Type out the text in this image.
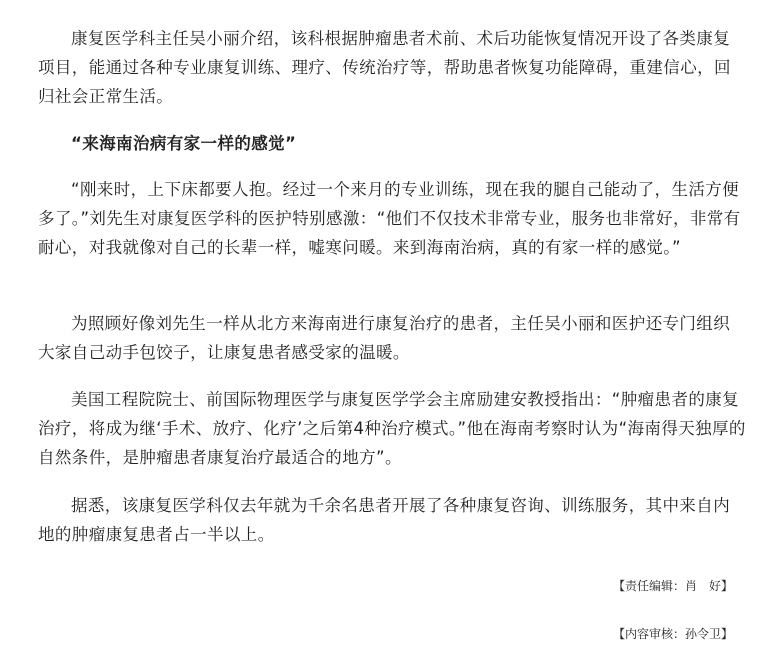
康复医学科主任吴小丽介绍，该科根据肿瘤患者术前、术后功能恢复情况开设了各类康复项目，能通过各种专业康复训练、理疗、传统治疗等，帮助患者恢复功能障碍，重建信心，回归社会正常生活。

“来海南治病有家一样的感觉”

“刚来时，上下床都要人抱。经过一个来月的专业训练，现在我的腿自己能动了，生活方便多了。”刘先生对康复医学科的医护特别感激：“他们不仅技术非常专业，服务也非常好，非常有耐心，对我就像对自己的长辈一样，嘘寒问暖。来到海南治病，真的有家一样的感觉。”

为照顾好像刘先生一样从北方来海南进行康复治疗的患者，主任吴小丽和医护还专门组织大家自己动手包饺子，让康复患者感受家的温暖。

美国工程院院士、前国际物理医学与康复医学学会主席励建安教授指出：“肿瘤患者的康复治疗，将成为继‘手术、放疗、化疗’之后第4种治疗模式。”他在海南考察时认为“海南得天独厚的自然条件，是肿瘤患者康复治疗最适合的地方”。

据悉，该康复医学科仅去年就为千余名患者开展了各种康复咨询、训练服务，其中来自内地的肿瘤康复患者占一半以上。

【责任编辑：肖　好】

【内容审核：孙令卫】
